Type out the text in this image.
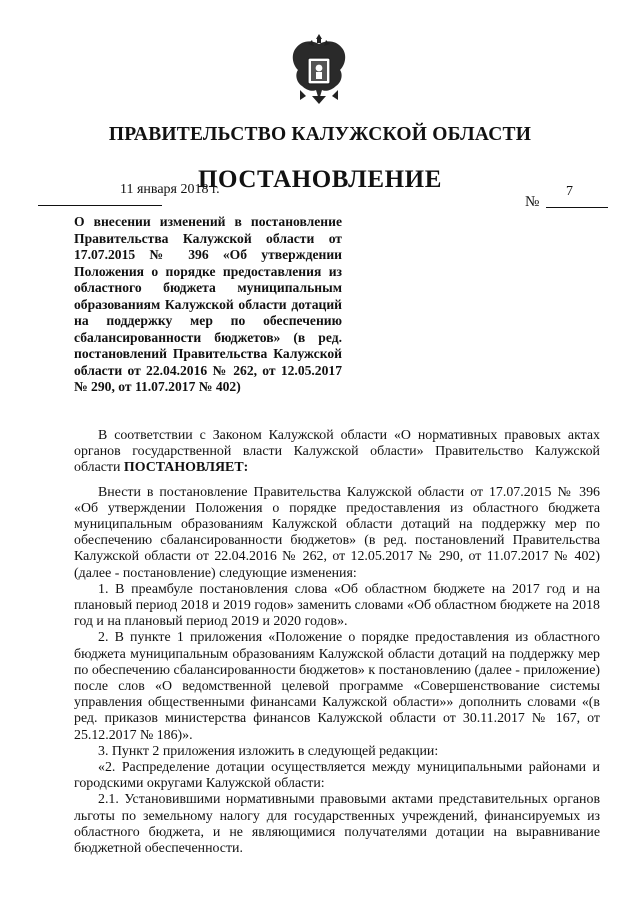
ПРАВИТЕЛЬСТВО КАЛУЖСКОЙ ОБЛАСТИ
ПОСТАНОВЛЕНИЕ
11 января 2018 г.	7
№
О внесении изменений в постановление Правительства Калужской области от 17.07.2015 № 396 «Об утверждении Положения о порядке предоставления из областного бюджета муниципальным образованиям Калужской области дотаций на поддержку мер по обеспечению сбалансированности бюджетов» (в ред. постановлений Правительства Калужской области от 22.04.2016 № 262, от 12.05.2017 № 290, от 11.07.2017 № 402)

В соответствии с Законом Калужской области «О нормативных правовых актах органов государственной власти Калужской области» Правительство Калужской области ПОСТАНОВЛЯЕТ:

Внести в постановление Правительства Калужской области от 17.07.2015 № 396 «Об утверждении Положения о порядке предоставления из областного бюджета муниципальным образованиям Калужской области дотаций на поддержку мер по обеспечению сбалансированности бюджетов» (в ред. постановлений Правительства Калужской области от 22.04.2016 № 262, от 12.05.2017 № 290, от 11.07.2017 № 402) (далее - постановление) следующие изменения:

1. В преамбуле постановления слова «Об областном бюджете на 2017 год и на плановый период 2018 и 2019 годов» заменить словами «Об областном бюджете на 2018 год и на плановый период 2019 и 2020 годов».

2. В пункте 1 приложения «Положение о порядке предоставления из областного бюджета муниципальным образованиям Калужской области дотаций на поддержку мер по обеспечению сбалансированности бюджетов» к постановлению (далее - приложение) после слов «О ведомственной целевой программе «Совершенствование системы управления общественными финансами Калужской области»» дополнить словами «(в ред. приказов министерства финансов Калужской области от 30.11.2017 № 167, от 25.12.2017 № 186)».

3. Пункт 2 приложения изложить в следующей редакции:

«2. Распределение дотации осуществляется между муниципальными районами и городскими округами Калужской области:

2.1. Установившими нормативными правовыми актами представительных органов льготы по земельному налогу для государственных учреждений, финансируемых из областного бюджета, и не являющимися получателями дотации на выравнивание бюджетной обеспеченности.
